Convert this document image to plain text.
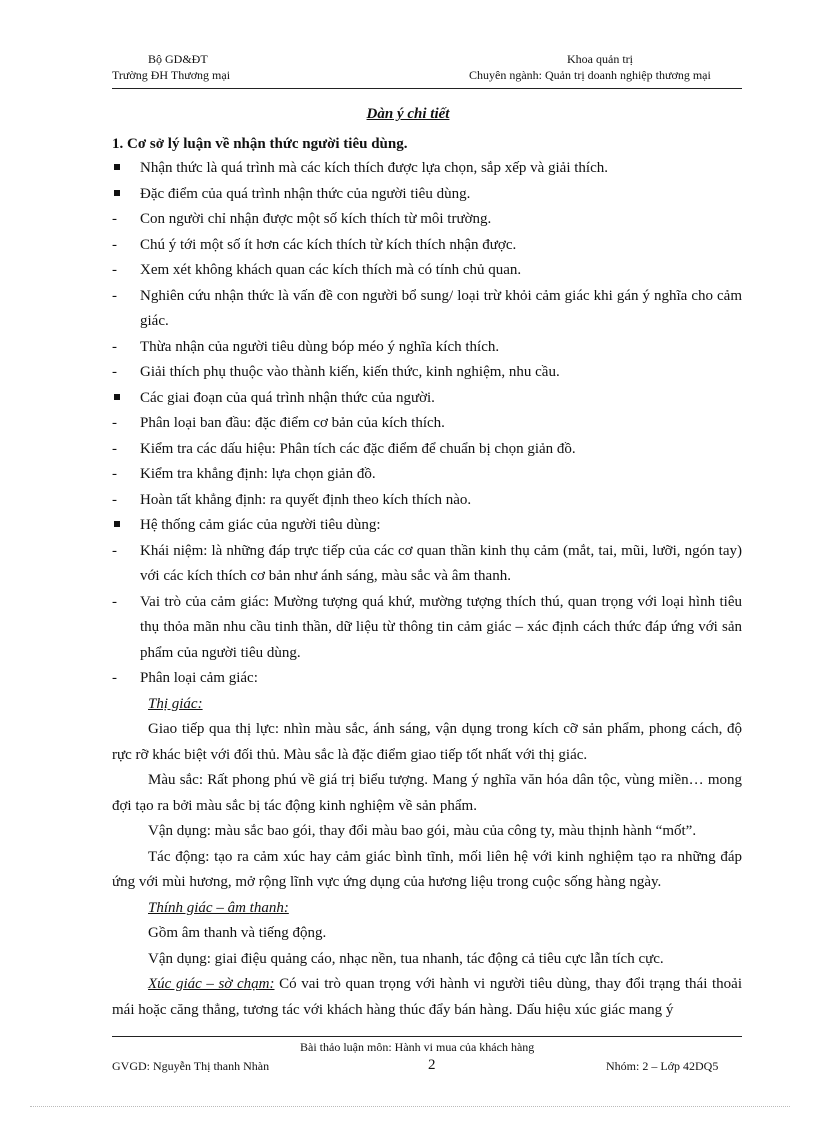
Bộ GD&ĐT
Trường ĐH Thương mại
Khoa quản trị
Chuyên ngành: Quản trị doanh nghiệp thương mại
Dàn ý chi tiết
1. Cơ sở lý luận về nhận thức người tiêu dùng.
Nhận thức là quá trình mà các kích thích được lựa chọn, sắp xếp và giải thích.
Đặc điểm của quá trình nhận thức của người tiêu dùng.
-	Con người chỉ nhận được một số kích thích từ môi trường.
-	Chú ý tới một số ít hơn các kích thích từ kích thích nhận được.
-	Xem xét không khách quan các kích thích mà có tính chủ quan.
-	Nghiên cứu nhận thức là vấn đề con người bổ sung/ loại trừ khỏi cảm giác khi gán ý nghĩa cho cảm giác.
-	Thừa nhận của người tiêu dùng bóp méo ý nghĩa kích thích.
-	Giải thích phụ thuộc vào thành kiến, kiến thức, kinh nghiệm, nhu cầu.
Các giai đoạn của quá trình nhận thức của người.
-	Phân loại ban đầu: đặc điểm cơ bản của kích thích.
-	Kiểm tra các dấu hiệu: Phân tích các đặc điểm để chuẩn bị chọn giản đồ.
-	Kiểm tra khẳng định: lựa chọn giản đồ.
-	Hoàn tất khẳng định: ra quyết định theo kích thích nào.
Hệ thống cảm giác của người tiêu dùng:
-	Khái niệm: là những đáp trực tiếp của các cơ quan thần kinh thụ cảm (mắt, tai, mũi, lưỡi, ngón tay) với các kích thích cơ bản như ánh sáng, màu sắc và âm thanh.
-	Vai trò của cảm giác: Mường tượng quá khứ, mường tượng thích thú, quan trọng với loại hình tiêu thụ thỏa mãn nhu cầu tinh thần, dữ liệu từ thông tin cảm giác – xác định cách thức đáp ứng với sản phẩm của người tiêu dùng.
-	Phân loại cảm giác:
Thị giác:
Giao tiếp qua thị lực: nhìn màu sắc, ánh sáng, vận dụng trong kích cỡ sản phẩm, phong cách, độ rực rỡ khác biệt với đối thủ. Màu sắc là đặc điểm giao tiếp tốt nhất với thị giác.
Màu sắc: Rất phong phú về giá trị biểu tượng. Mang ý nghĩa văn hóa dân tộc, vùng miền… mong đợi tạo ra bởi màu sắc bị tác động kinh nghiệm về sản phẩm.
Vận dụng: màu sắc bao gói, thay đổi màu bao gói, màu của công ty, màu thịnh hành “mốt”.
Tác động: tạo ra cảm xúc hay cảm giác bình tĩnh, mối liên hệ với kinh nghiệm tạo ra những đáp ứng với mùi hương, mở rộng lĩnh vực ứng dụng của hương liệu trong cuộc sống hàng ngày.
Thính giác – âm thanh:
Gồm âm thanh và tiếng động.
Vận dụng: giai điệu quảng cáo, nhạc nền, tua nhanh, tác động cả tiêu cực lẫn tích cực.
Xúc giác – sờ chạm: Có vai trò quan trọng với hành vi người tiêu dùng, thay đổi trạng thái thoải mái hoặc căng thẳng, tương tác với khách hàng thúc đẩy bán hàng. Dấu hiệu xúc giác mang ý
Bài thảo luận môn: Hành vi mua của khách hàng
GVGD: Nguyễn Thị thanh Nhàn	2	Nhóm: 2 – Lớp 42DQ5
